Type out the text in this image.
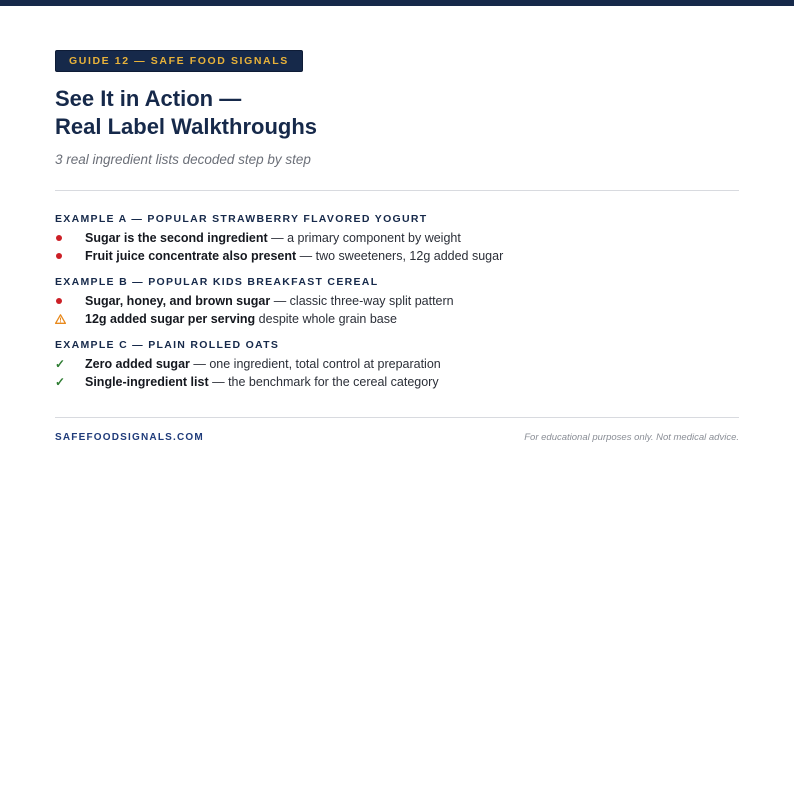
GUIDE 12 — SAFE FOOD SIGNALS
See It in Action —
Real Label Walkthroughs
3 real ingredient lists decoded step by step
EXAMPLE A — POPULAR STRAWBERRY FLAVORED YOGURT
Sugar is the second ingredient — a primary component by weight
Fruit juice concentrate also present — two sweeteners, 12g added sugar
EXAMPLE B — POPULAR KIDS BREAKFAST CEREAL
Sugar, honey, and brown sugar — classic three-way split pattern
12g added sugar per serving despite whole grain base
EXAMPLE C — PLAIN ROLLED OATS
✓ Zero added sugar — one ingredient, total control at preparation
✓ Single-ingredient list — the benchmark for the cereal category
SAFEFOODSIGNALS.COM	For educational purposes only. Not medical advice.
